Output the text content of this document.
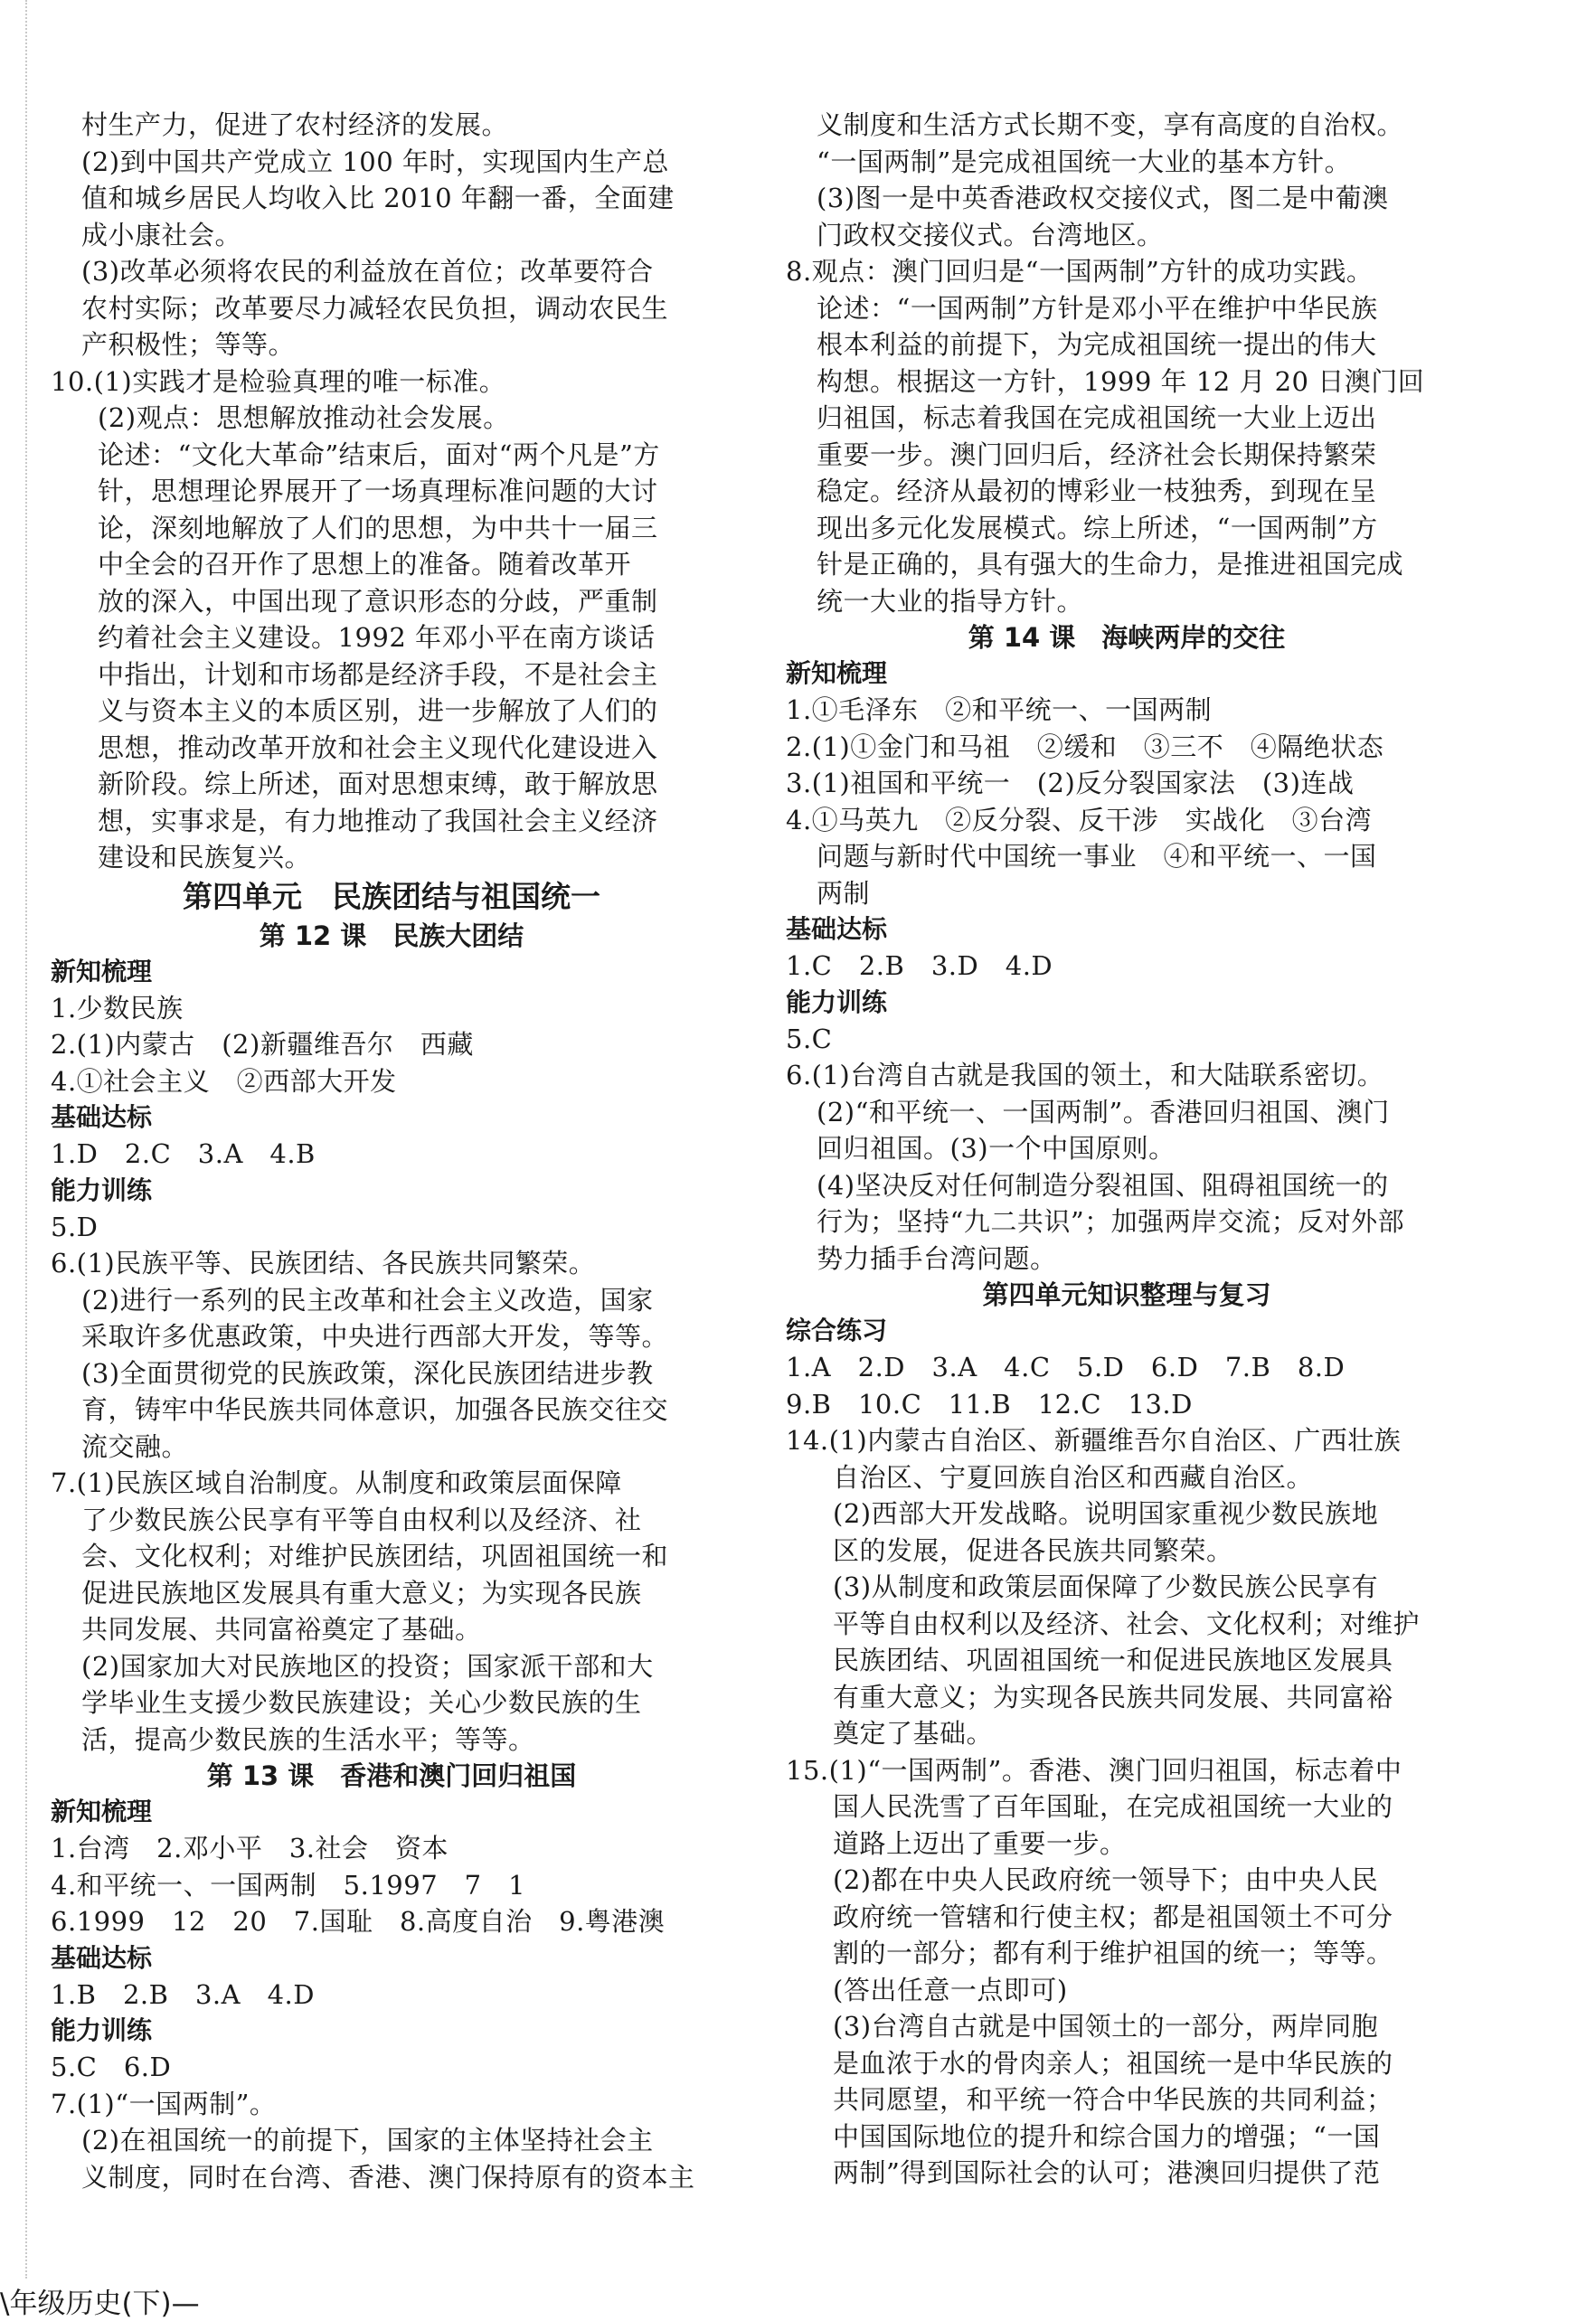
村生产力，促进了农村经济的发展。
(2)到中国共产党成立 100 年时，实现国内生产总
值和城乡居民人均收入比 2010 年翻一番，全面建
成小康社会。
(3)改革必须将农民的利益放在首位；改革要符合
农村实际；改革要尽力减轻农民负担，调动农民生
产积极性；等等。
10.(1)实践才是检验真理的唯一标准。
(2)观点：思想解放推动社会发展。
论述：“文化大革命”结束后，面对“两个凡是”方
针，思想理论界展开了一场真理标准问题的大讨
论，深刻地解放了人们的思想，为中共十一届三
中全会的召开作了思想上的准备。随着改革开
放的深入，中国出现了意识形态的分歧，严重制
约着社会主义建设。1992 年邓小平在南方谈话
中指出，计划和市场都是经济手段，不是社会主
义与资本主义的本质区别，进一步解放了人们的
思想，推动改革开放和社会主义现代化建设进入
新阶段。综上所述，面对思想束缚，敢于解放思
想，实事求是，有力地推动了我国社会主义经济
建设和民族复兴。
第四单元　民族团结与祖国统一
第 12 课　民族大团结
新知梳理
1.少数民族
2.(1)内蒙古　(2)新疆维吾尔　西藏
4.①社会主义　②西部大开发
基础达标
1.D　2.C　3.A　4.B
能力训练
5.D
6.(1)民族平等、民族团结、各民族共同繁荣。
(2)进行一系列的民主改革和社会主义改造，国家
采取许多优惠政策，中央进行西部大开发，等等。
(3)全面贯彻党的民族政策，深化民族团结进步教
育，铸牢中华民族共同体意识，加强各民族交往交
流交融。
7.(1)民族区域自治制度。从制度和政策层面保障
了少数民族公民享有平等自由权利以及经济、社
会、文化权利；对维护民族团结，巩固祖国统一和
促进民族地区发展具有重大意义；为实现各民族
共同发展、共同富裕奠定了基础。
(2)国家加大对民族地区的投资；国家派干部和大
学毕业生支援少数民族建设；关心少数民族的生
活，提高少数民族的生活水平；等等。
第 13 课　香港和澳门回归祖国
新知梳理
1.台湾　2.邓小平　3.社会　资本
4.和平统一、一国两制　5.1997　7　1
6.1999　12　20　7.国耻　8.高度自治　9.粤港澳
基础达标
1.B　2.B　3.A　4.D
能力训练
5.C　6.D
7.(1)“一国两制”。
(2)在祖国统一的前提下，国家的主体坚持社会主
义制度，同时在台湾、香港、澳门保持原有的资本主
义制度和生活方式长期不变，享有高度的自治权。
“一国两制”是完成祖国统一大业的基本方针。
(3)图一是中英香港政权交接仪式，图二是中葡澳
门政权交接仪式。台湾地区。
8.观点：澳门回归是“一国两制”方针的成功实践。
论述：“一国两制”方针是邓小平在维护中华民族
根本利益的前提下，为完成祖国统一提出的伟大
构想。根据这一方针，1999 年 12 月 20 日澳门回
归祖国，标志着我国在完成祖国统一大业上迈出
重要一步。澳门回归后，经济社会长期保持繁荣
稳定。经济从最初的博彩业一枝独秀，到现在呈
现出多元化发展模式。综上所述，“一国两制”方
针是正确的，具有强大的生命力，是推进祖国完成
统一大业的指导方针。
第 14 课　海峡两岸的交往
新知梳理
1.①毛泽东　②和平统一、一国两制
2.(1)①金门和马祖　②缓和　③三不　④隔绝状态
3.(1)祖国和平统一　(2)反分裂国家法　(3)连战
4.①马英九　②反分裂、反干涉　实战化　③台湾
问题与新时代中国统一事业　④和平统一、一国
两制
基础达标
1.C　2.B　3.D　4.D
能力训练
5.C
6.(1)台湾自古就是我国的领土，和大陆联系密切。
(2)“和平统一、一国两制”。香港回归祖国、澳门
回归祖国。(3)一个中国原则。
(4)坚决反对任何制造分裂祖国、阻碍祖国统一的
行为；坚持“九二共识”；加强两岸交流；反对外部
势力插手台湾问题。
第四单元知识整理与复习
综合练习
1.A　2.D　3.A　4.C　5.D　6.D　7.B　8.D
9.B　10.C　11.B　12.C　13.D
14.(1)内蒙古自治区、新疆维吾尔自治区、广西壮族
自治区、宁夏回族自治区和西藏自治区。
(2)西部大开发战略。说明国家重视少数民族地
区的发展，促进各民族共同繁荣。
(3)从制度和政策层面保障了少数民族公民享有
平等自由权利以及经济、社会、文化权利；对维护
民族团结、巩固祖国统一和促进民族地区发展具
有重大意义；为实现各民族共同发展、共同富裕
奠定了基础。
15.(1)“一国两制”。香港、澳门回归祖国，标志着中
国人民洗雪了百年国耻，在完成祖国统一大业的
道路上迈出了重要一步。
(2)都在中央人民政府统一领导下；由中央人民
政府统一管辖和行使主权；都是祖国领土不可分
割的一部分；都有利于维护祖国的统一；等等。
(答出任意一点即可)
(3)台湾自古就是中国领土的一部分，两岸同胞
是血浓于水的骨肉亲人；祖国统一是中华民族的
共同愿望，和平统一符合中华民族的共同利益；
中国国际地位的提升和综合国力的增强；“一国
两制”得到国际社会的认可；港澳回归提供了范
\年级历史(下)—
